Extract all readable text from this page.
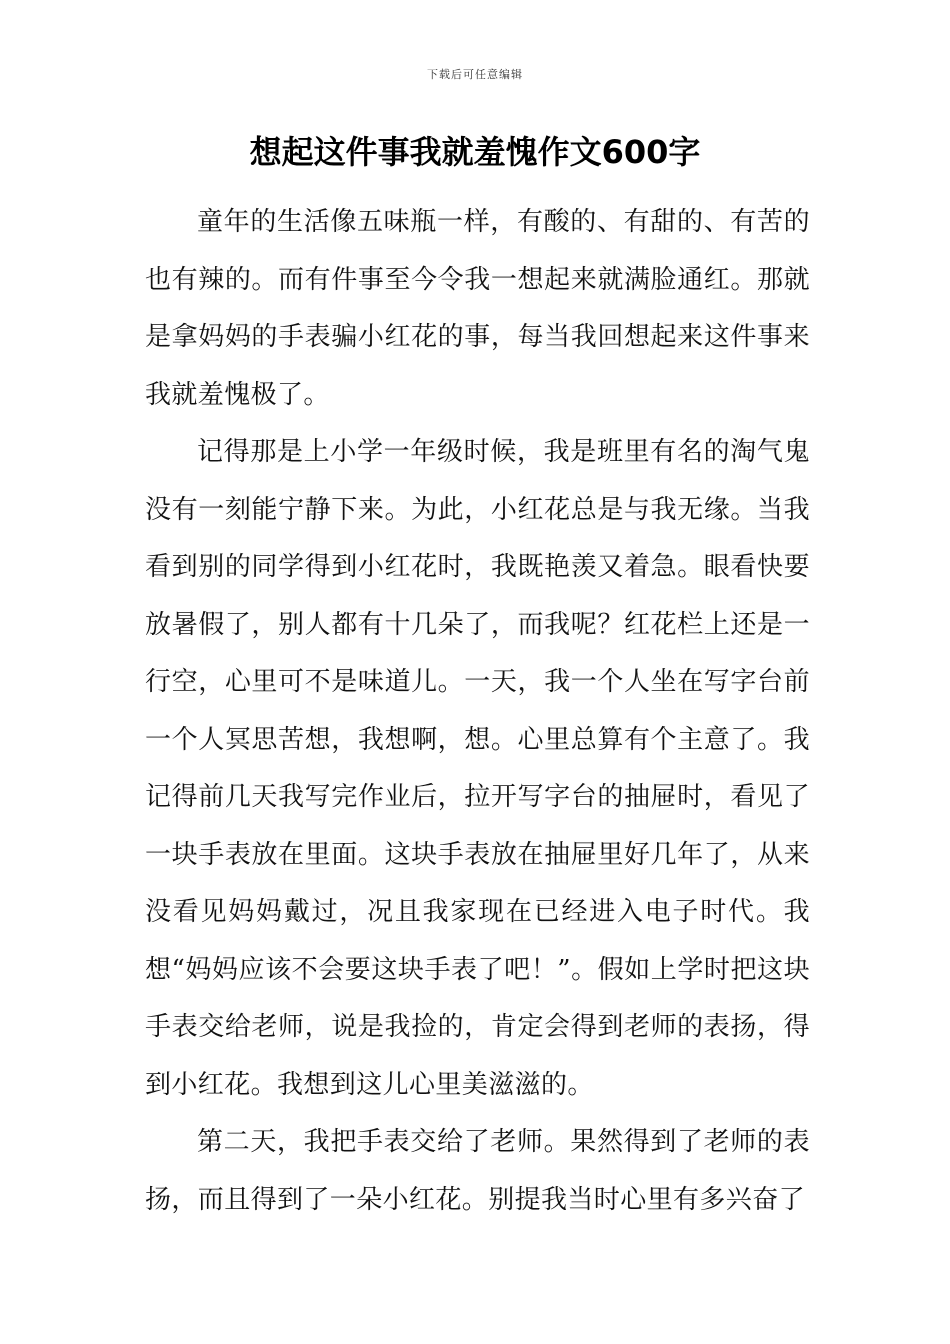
下载后可任意编辑
想起这件事我就羞愧作文600字

童年的生活像五味瓶一样，有酸的、有甜的、有苦的也有辣的。而有件事至今令我一想起来就满脸通红。那就是拿妈妈的手表骗小红花的事，每当我回想起来这件事来我就羞愧极了。

记得那是上小学一年级时候，我是班里有名的淘气鬼没有一刻能宁静下来。为此，小红花总是与我无缘。当我看到别的同学得到小红花时，我既艳羡又着急。眼看快要放暑假了，别人都有十几朵了，而我呢？红花栏上还是一行空，心里可不是味道儿。一天，我一个人坐在写字台前一个人冥思苦想，我想啊，想。心里总算有个主意了。我记得前几天我写完作业后，拉开写字台的抽屉时，看见了一块手表放在里面。这块手表放在抽屉里好几年了，从来没看见妈妈戴过，况且我家现在已经进入电子时代。我想“妈妈应该不会要这块手表了吧！”。假如上学时把这块手表交给老师，说是我捡的，肯定会得到老师的表扬，得到小红花。我想到这儿心里美滋滋的。

第二天，我把手表交给了老师。果然得到了老师的表扬，而且得到了一朵小红花。别提我当时心里有多兴奋了
